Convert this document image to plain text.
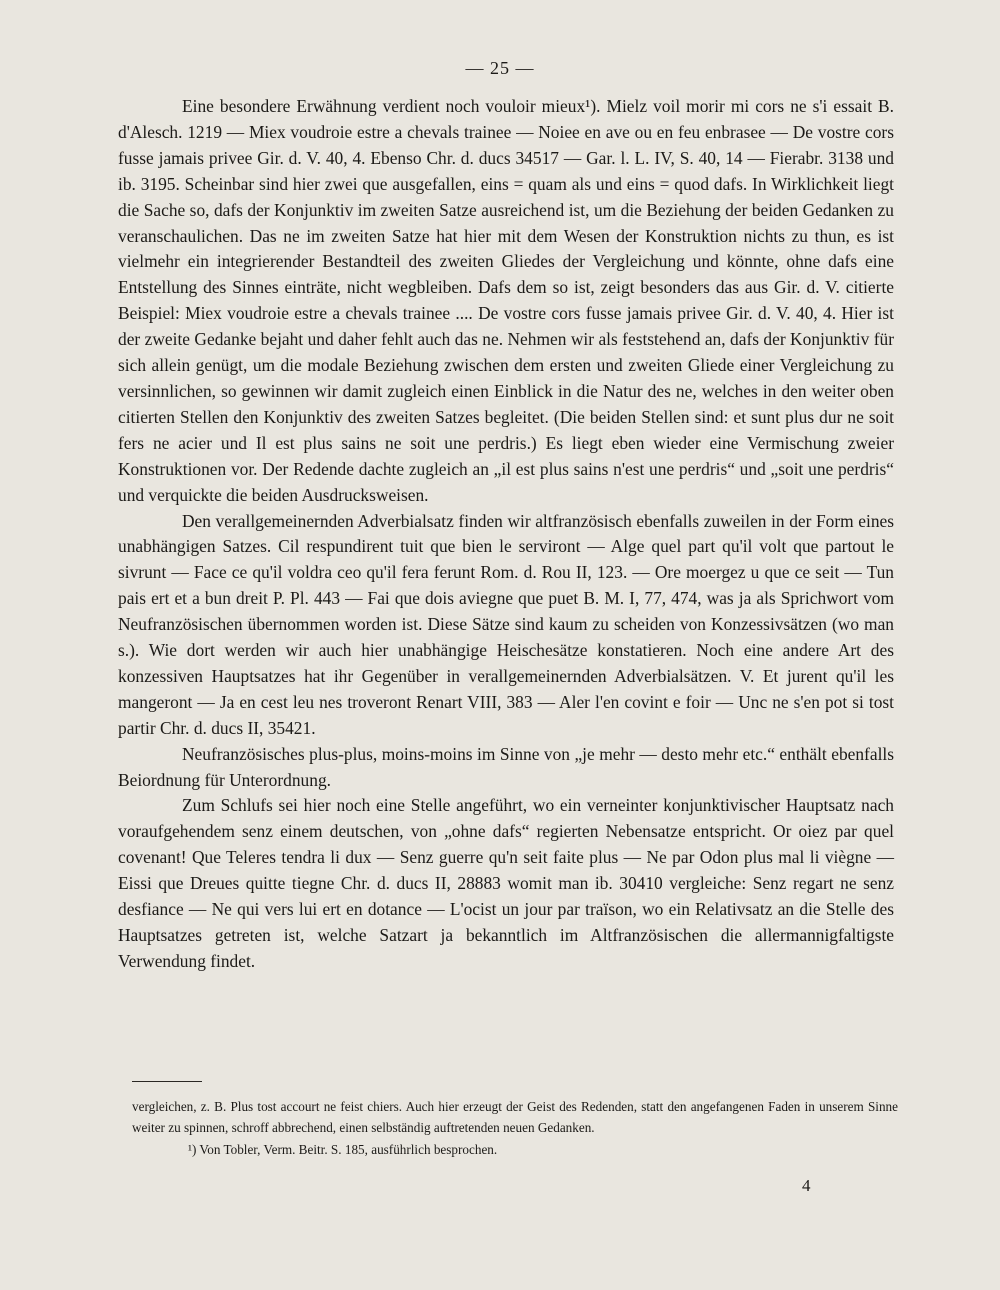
— 25 —

Eine besondere Erwähnung verdient noch vouloir mieux¹). Mielz voil morir mi cors ne s'i essait B. d'Alesch. 1219 — Miex voudroie estre a chevals trainee — Noiee en ave ou en feu enbrasee — De vostre cors fusse jamais privee Gir. d. V. 40, 4. Ebenso Chr. d. ducs 34517 — Gar. l. L. IV, S. 40, 14 — Fierabr. 3138 und ib. 3195. Scheinbar sind hier zwei que ausgefallen, eins = quam als und eins = quod dafs. In Wirklichkeit liegt die Sache so, dafs der Konjunktiv im zweiten Satze ausreichend ist, um die Beziehung der beiden Gedanken zu veranschaulichen. Das ne im zweiten Satze hat hier mit dem Wesen der Konstruktion nichts zu thun, es ist vielmehr ein integrierender Bestandteil des zweiten Gliedes der Vergleichung und könnte, ohne dafs eine Entstellung des Sinnes einträte, nicht wegbleiben. Dafs dem so ist, zeigt besonders das aus Gir. d. V. citierte Beispiel: Miex voudroie estre a chevals trainee .... De vostre cors fusse jamais privee Gir. d. V. 40, 4. Hier ist der zweite Gedanke bejaht und daher fehlt auch das ne. Nehmen wir als feststehend an, dafs der Konjunktiv für sich allein genügt, um die modale Beziehung zwischen dem ersten und zweiten Gliede einer Vergleichung zu versinnlichen, so gewinnen wir damit zugleich einen Einblick in die Natur des ne, welches in den weiter oben citierten Stellen den Konjunktiv des zweiten Satzes begleitet. (Die beiden Stellen sind: et sunt plus dur ne soit fers ne acier und Il est plus sains ne soit une perdris.) Es liegt eben wieder eine Vermischung zweier Konstruktionen vor. Der Redende dachte zugleich an „il est plus sains n'est une perdris“ und „soit une perdris“ und verquickte die beiden Ausdrucksweisen.

Den verallgemeinernden Adverbialsatz finden wir altfranzösisch ebenfalls zuweilen in der Form eines unabhängigen Satzes. Cil respundirent tuit que bien le serviront — Alge quel part qu'il volt que partout le sivrunt — Face ce qu'il voldra ceo qu'il fera ferunt Rom. d. Rou II, 123. — Ore moergez u que ce seit — Tun pais ert et a bun dreit P. Pl. 443 — Fai que dois aviegne que puet B. M. I, 77, 474, was ja als Sprichwort vom Neufranzösischen übernommen worden ist. Diese Sätze sind kaum zu scheiden von Konzessivsätzen (wo man s.). Wie dort werden wir auch hier unabhängige Heischesätze konstatieren. Noch eine andere Art des konzessiven Hauptsatzes hat ihr Gegenüber in verallgemeinernden Adverbialsätzen. V. Et jurent qu'il les mangeront — Ja en cest leu nes troveront Renart VIII, 383 — Aler l'en covint e foir — Unc ne s'en pot si tost partir Chr. d. ducs II, 35421.

Neufranzösisches plus-plus, moins-moins im Sinne von „je mehr — desto mehr etc.“ enthält ebenfalls Beiordnung für Unterordnung.

Zum Schlufs sei hier noch eine Stelle angeführt, wo ein verneinter konjunktivischer Hauptsatz nach voraufgehendem senz einem deutschen, von „ohne dafs“ regierten Nebensatze entspricht. Or oiez par quel covenant! Que Teleres tendra li dux — Senz guerre qu'n seit faite plus — Ne par Odon plus mal li viègne — Eissi que Dreues quitte tiegne Chr. d. ducs II, 28883 womit man ib. 30410 vergleiche: Senz regart ne senz desfiance — Ne qui vers lui ert en dotance — L'ocist un jour par traïson, wo ein Relativsatz an die Stelle des Hauptsatzes getreten ist, welche Satzart ja bekanntlich im Altfranzösischen die allermannigfaltigste Verwendung findet.

vergleichen, z. B. Plus tost accourt ne feist chiers. Auch hier erzeugt der Geist des Redenden, statt den angefangenen Faden in unserem Sinne weiter zu spinnen, schroff abbrechend, einen selbständig auftretenden neuen Gedanken.

¹) Von Tobler, Verm. Beitr. S. 185, ausführlich besprochen.

4
